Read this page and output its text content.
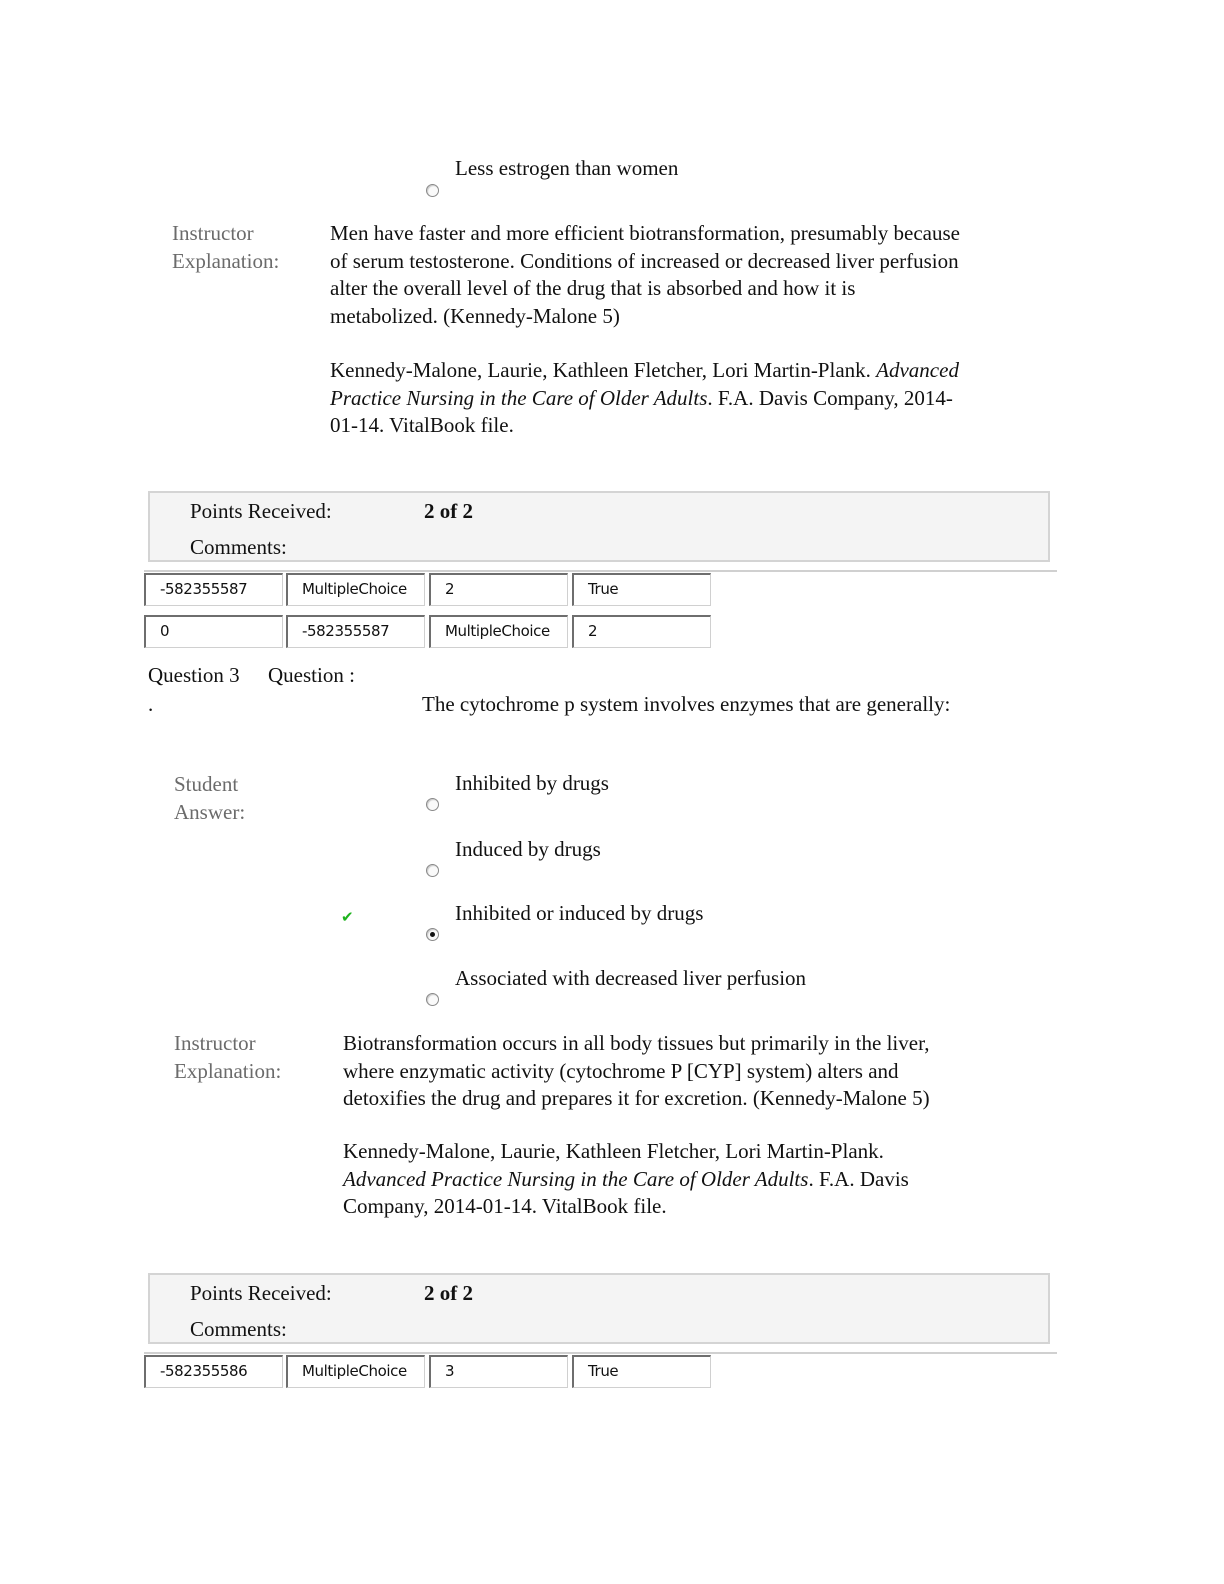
Less estrogen than women
Instructor
Explanation:
Men have faster and more efficient biotransformation, presumably because
of serum testosterone. Conditions of increased or decreased liver perfusion
alter the overall level of the drug that is absorbed and how it is
metabolized. (Kennedy-Malone 5)
Kennedy-Malone, Laurie, Kathleen Fletcher, Lori Martin-Plank. Advanced
Practice Nursing in the Care of Older Adults. F.A. Davis Company, 2014-
01-14. VitalBook file.
Points Received:	2 of 2
Comments:
-582355587	MultipleChoice	2	True
0	-582355587	MultipleChoice	2
Question 3 Question :
.	The cytochrome p system involves enzymes that are generally:
Student
Answer:
Inhibited by drugs
Induced by drugs
✔	Inhibited or induced by drugs
Associated with decreased liver perfusion
Instructor
Explanation:
Biotransformation occurs in all body tissues but primarily in the liver,
where enzymatic activity (cytochrome P [CYP] system) alters and
detoxifies the drug and prepares it for excretion. (Kennedy-Malone 5)
Kennedy-Malone, Laurie, Kathleen Fletcher, Lori Martin-Plank.
Advanced Practice Nursing in the Care of Older Adults. F.A. Davis
Company, 2014-01-14. VitalBook file.
Points Received:	2 of 2
Comments:
-582355586	MultipleChoice	3	True
